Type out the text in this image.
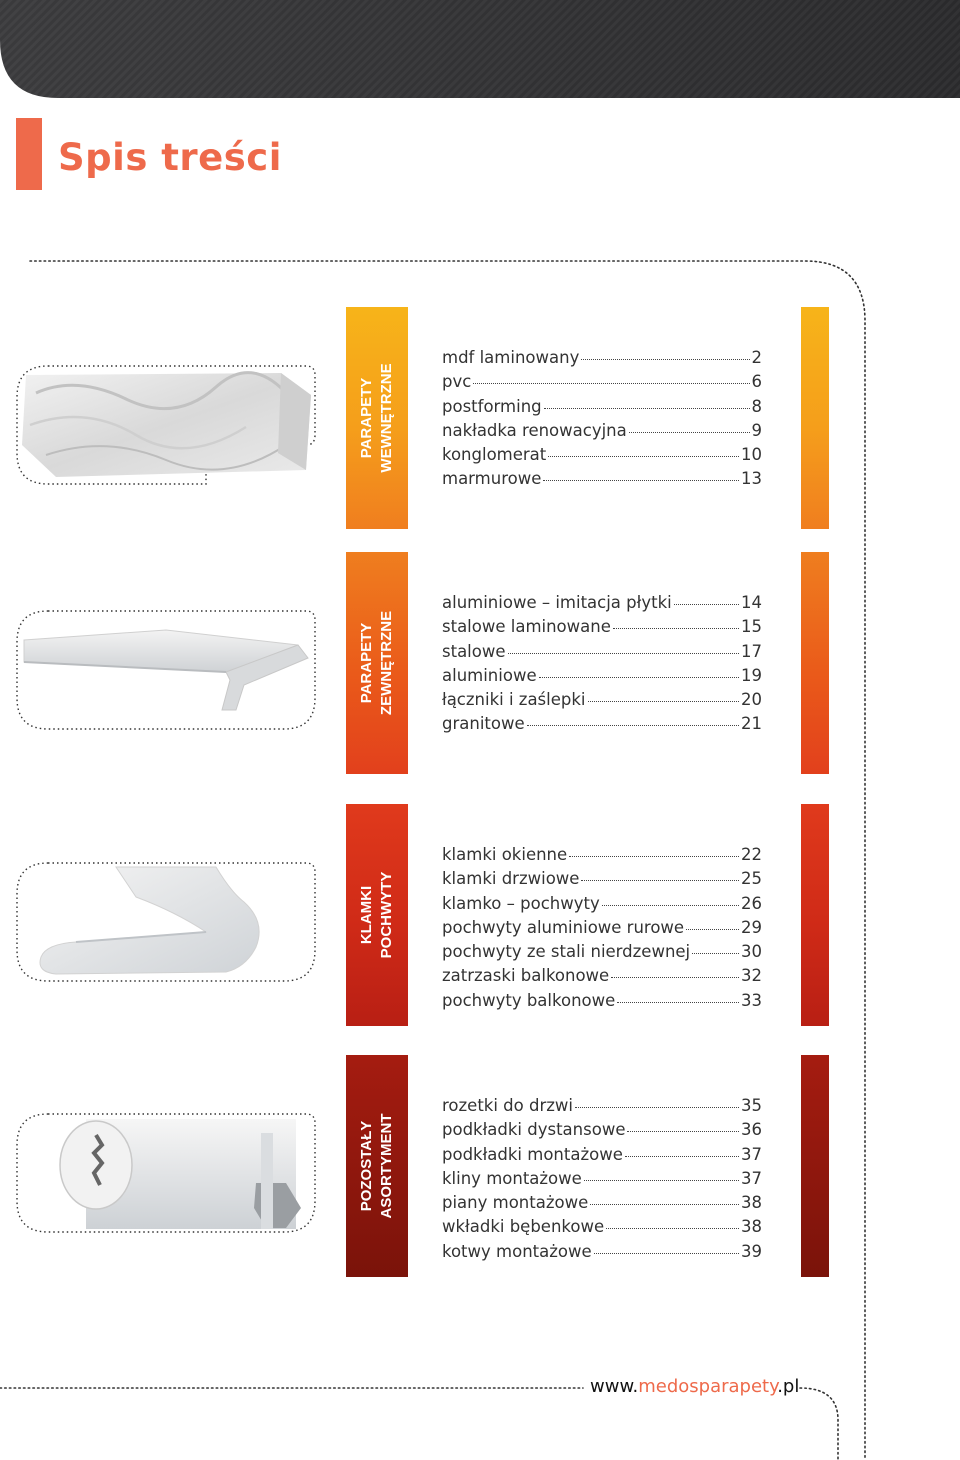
Spis treści
PARAPETY WEWNĘTRZNE
mdf laminowany	2
pvc	6
postforming	8
nakładka renowacyjna	9
konglomerat	10
marmurowe	13
PARAPETY ZEWNĘTRZNE
aluminiowe – imitacja płytki	14
stalowe laminowane	15
stalowe	17
aluminiowe	19
łączniki i zaślepki	20
granitowe	21
KLAMKI POCHWYTY
klamki okienne	22
klamki drzwiowe	25
klamko – pochwyty	26
pochwyty aluminiowe rurowe	29
pochwyty ze stali nierdzewnej	30
zatrzaski balkonowe	32
pochwyty balkonowe	33
POZOSTAŁY ASORTYMENT
rozetki do drzwi	35
podkładki dystansowe	36
podkładki montażowe	37
kliny montażowe	37
piany montażowe	38
wkładki bębenkowe	38
kotwy montażowe	39
www.medosparapety.pl
